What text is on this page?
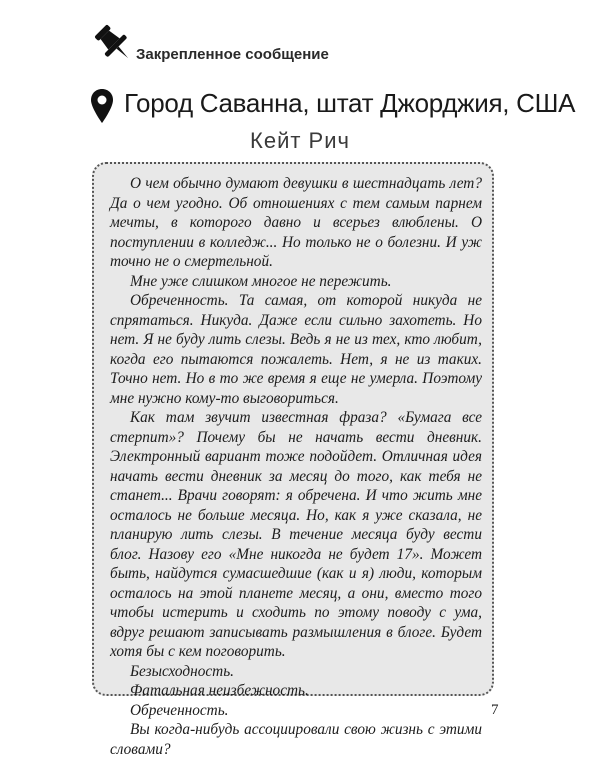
Закрепленное сообщение
Город Саванна, штат Джорджия, США
Кейт Рич

О чем обычно думают девушки в шестнадцать лет? Да о чем угодно. Об отношениях с тем самым парнем мечты, в которого давно и всерьез влюблены. О поступлении в колледж... Но только не о болезни. И уж точно не о смертельной.

Мне уже слишком многое не пережить.

Обреченность. Та самая, от которой никуда не спрятаться. Никуда. Даже если сильно захотеть. Но нет. Я не буду лить слезы. Ведь я не из тех, кто любит, когда его пытаются пожалеть. Нет, я не из таких. Точно нет. Но в то же время я еще не умерла. Поэтому мне нужно кому-то выговориться.

Как там звучит известная фраза? «Бумага все стерпит»? Почему бы не начать вести дневник. Электронный вариант тоже подойдет. Отличная идея начать вести дневник за месяц до того, как тебя не станет... Врачи говорят: я обречена. И что жить мне осталось не больше месяца. Но, как я уже сказала, не планирую лить слезы. В течение месяца буду вести блог. Назову его «Мне никогда не будет 17». Может быть, найдутся сумасшедшие (как и я) люди, которым осталось на этой планете месяц, а они, вместо того чтобы истерить и сходить по этому поводу с ума, вдруг решают записывать размышления в блоге. Будет хотя бы с кем поговорить.

Безысходность.

Фатальная неизбежность.

Обреченность.

Вы когда-нибудь ассоциировали свою жизнь с этими словами?

7
